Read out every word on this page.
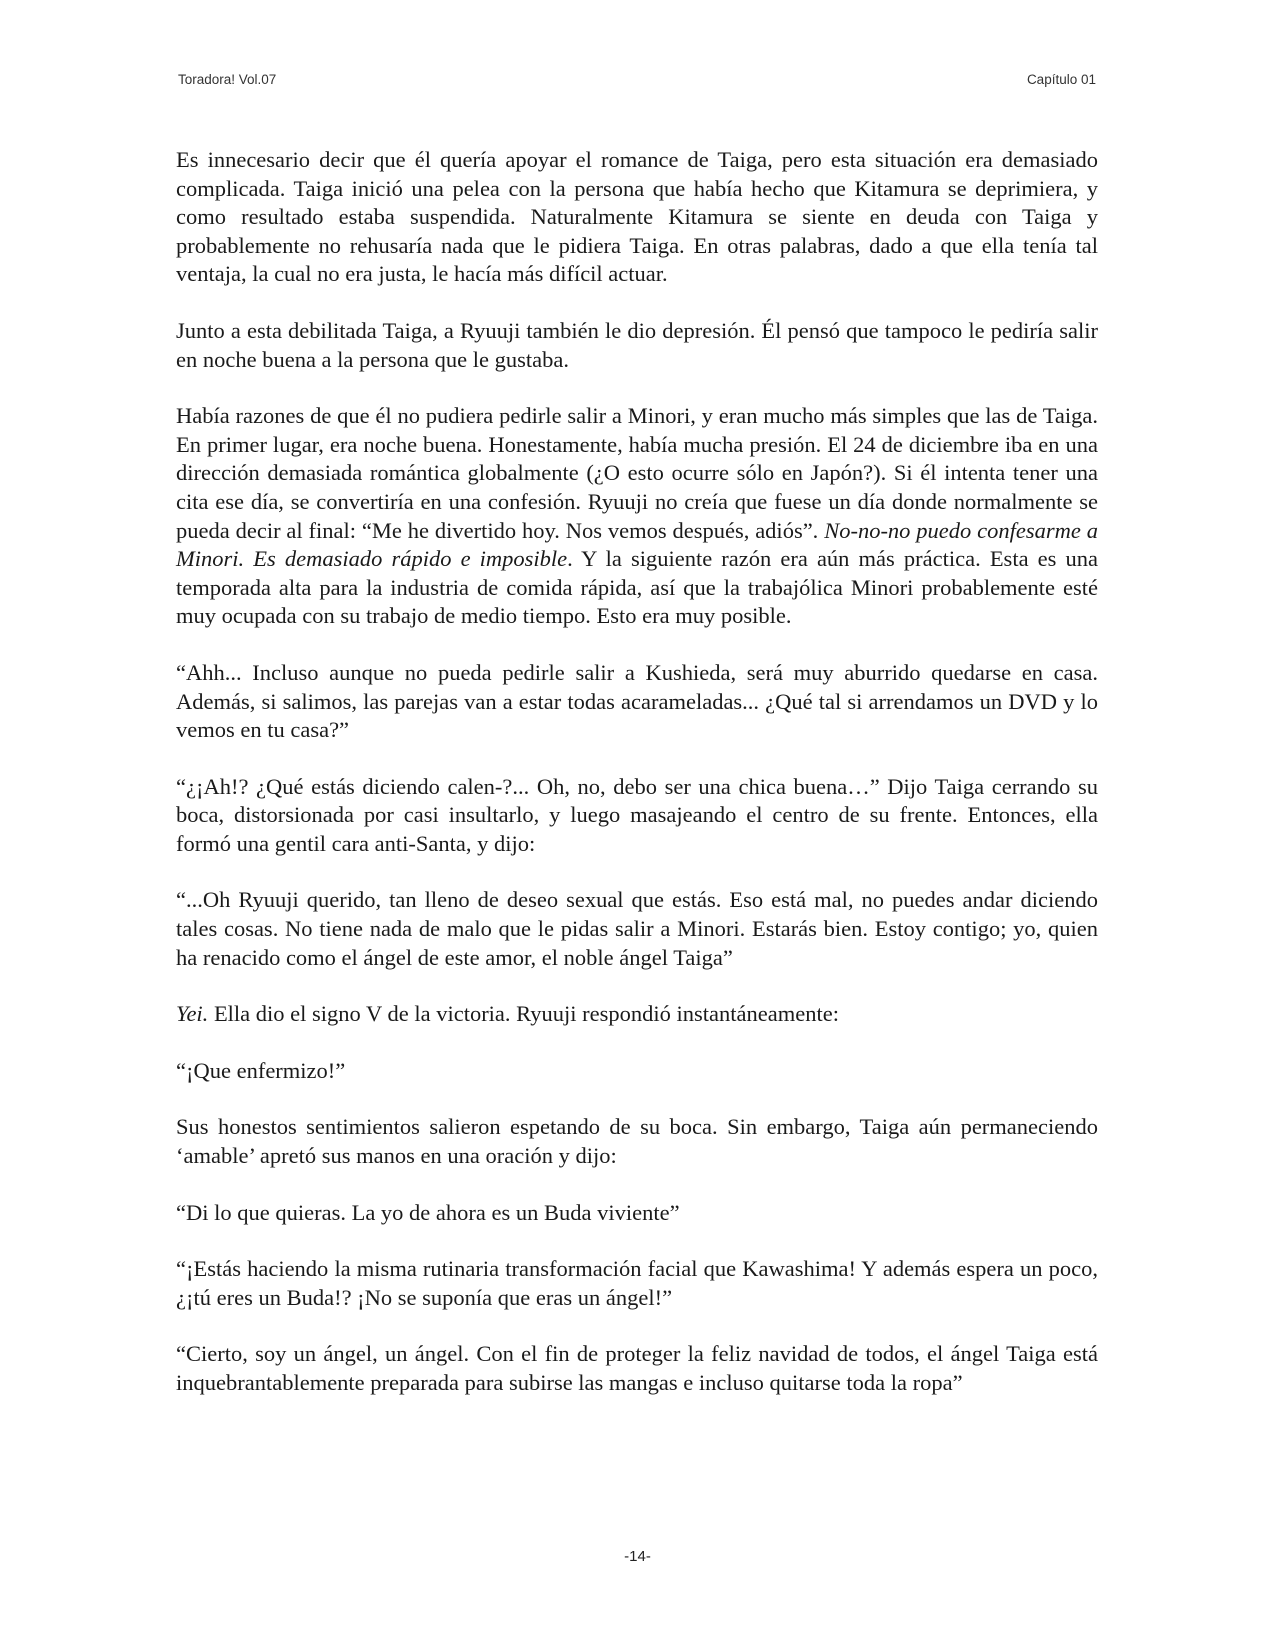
Toradora! Vol.07	Capítulo 01

Es innecesario decir que él quería apoyar el romance de Taiga, pero esta situación era demasiado complicada. Taiga inició una pelea con la persona que había hecho que Kitamura se deprimiera, y como resultado estaba suspendida. Naturalmente Kitamura se siente en deuda con Taiga y probablemente no rehusaría nada que le pidiera Taiga. En otras palabras, dado a que ella tenía tal ventaja, la cual no era justa, le hacía más difícil actuar.

Junto a esta debilitada Taiga, a Ryuuji también le dio depresión. Él pensó que tampoco le pediría salir en noche buena a la persona que le gustaba.

Había razones de que él no pudiera pedirle salir a Minori, y eran mucho más simples que las de Taiga. En primer lugar, era noche buena. Honestamente, había mucha presión. El 24 de diciembre iba en una dirección demasiada romántica globalmente (¿O esto ocurre sólo en Japón?). Si él intenta tener una cita ese día, se convertiría en una confesión. Ryuuji no creía que fuese un día donde normalmente se pueda decir al final: “Me he divertido hoy. Nos vemos después, adiós”. No-no-no puedo confesarme a Minori. Es demasiado rápido e imposible. Y la siguiente razón era aún más práctica. Esta es una temporada alta para la industria de comida rápida, así que la trabajólica Minori probablemente esté muy ocupada con su trabajo de medio tiempo. Esto era muy posible.

“Ahh... Incluso aunque no pueda pedirle salir a Kushieda, será muy aburrido quedarse en casa. Además, si salimos, las parejas van a estar todas acarameladas... ¿Qué tal si arrendamos un DVD y lo vemos en tu casa?”

“¿¡Ah!? ¿Qué estás diciendo calen-?... Oh, no, debo ser una chica buena…” Dijo Taiga cerrando su boca, distorsionada por casi insultarlo, y luego masajeando el centro de su frente. Entonces, ella formó una gentil cara anti-Santa, y dijo:

“...Oh Ryuuji querido, tan lleno de deseo sexual que estás. Eso está mal, no puedes andar diciendo tales cosas. No tiene nada de malo que le pidas salir a Minori. Estarás bien. Estoy contigo; yo, quien ha renacido como el ángel de este amor, el noble ángel Taiga”

Yei. Ella dio el signo V de la victoria. Ryuuji respondió instantáneamente:

“¡Que enfermizo!”

Sus honestos sentimientos salieron espetando de su boca. Sin embargo, Taiga aún permaneciendo ‘amable’ apretó sus manos en una oración y dijo:

“Di lo que quieras. La yo de ahora es un Buda viviente”

“¡Estás haciendo la misma rutinaria transformación facial que Kawashima! Y además espera un poco, ¿¡tú eres un Buda!? ¡No se suponía que eras un ángel!”

“Cierto, soy un ángel, un ángel. Con el fin de proteger la feliz navidad de todos, el ángel Taiga está inquebrantablemente preparada para subirse las mangas e incluso quitarse toda la ropa”

-14-
